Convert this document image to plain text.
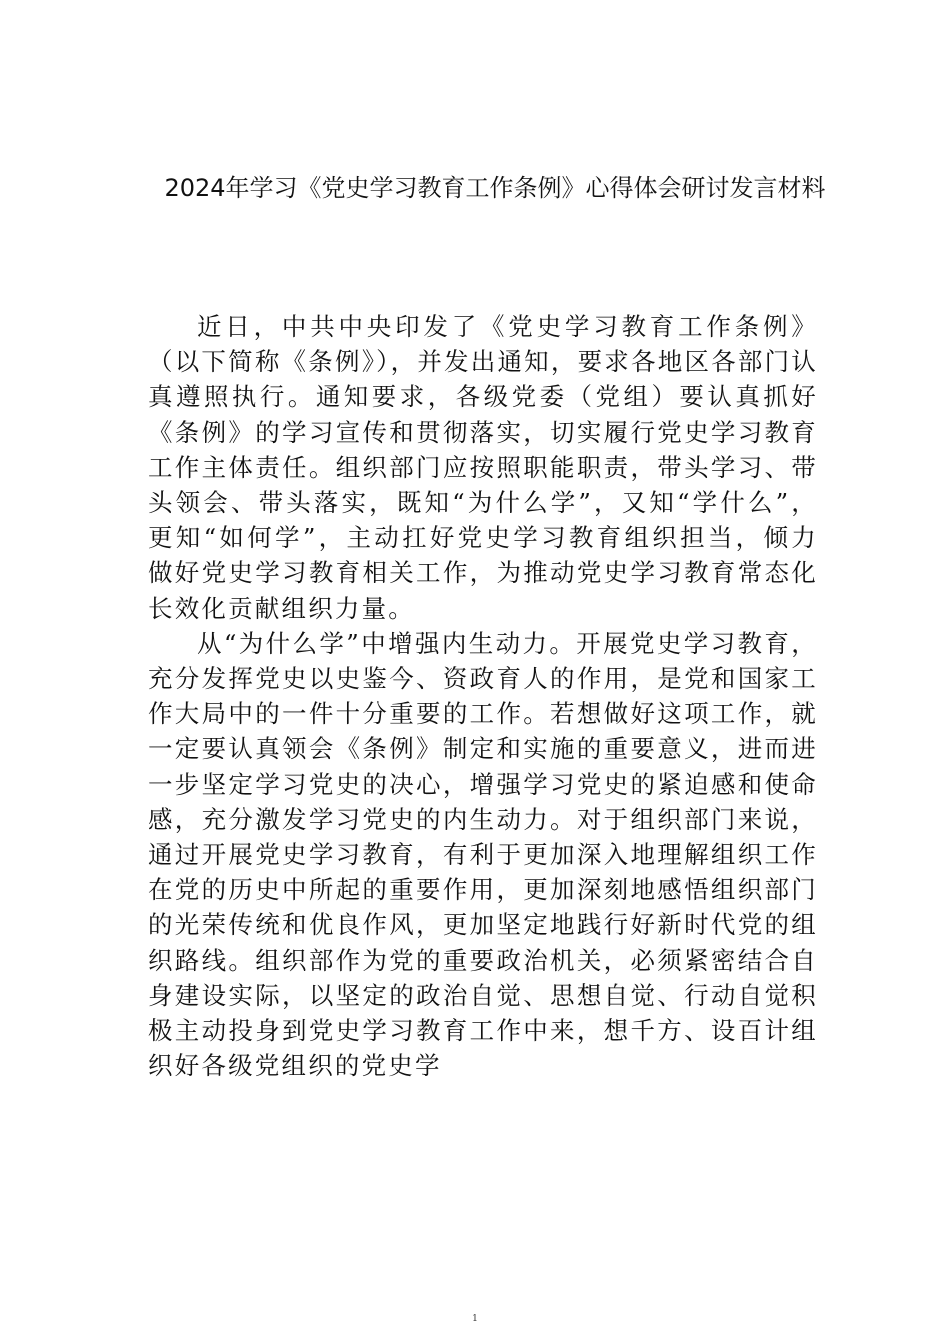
2024年学习《党史学习教育工作条例》心得体会研讨发言材料

近日，中共中央印发了《党史学习教育工作条例》（以下简称《条例》），并发出通知，要求各地区各部门认真遵照执行。通知要求，各级党委（党组）要认真抓好《条例》的学习宣传和贯彻落实，切实履行党史学习教育工作主体责任。组织部门应按照职能职责，带头学习、带头领会、带头落实，既知“为什么学”，又知“学什么”，更知“如何学”，主动扛好党史学习教育组织担当，倾力做好党史学习教育相关工作，为推动党史学习教育常态化长效化贡献组织力量。

从“为什么学”中增强内生动力。开展党史学习教育，充分发挥党史以史鉴今、资政育人的作用，是党和国家工作大局中的一件十分重要的工作。若想做好这项工作，就一定要认真领会《条例》制定和实施的重要意义，进而进一步坚定学习党史的决心，增强学习党史的紧迫感和使命感，充分激发学习党史的内生动力。对于组织部门来说，通过开展党史学习教育，有利于更加深入地理解组织工作在党的历史中所起的重要作用，更加深刻地感悟组织部门的光荣传统和优良作风，更加坚定地践行好新时代党的组织路线。组织部作为党的重要政治机关，必须紧密结合自身建设实际，以坚定的政治自觉、思想自觉、行动自觉积极主动投身到党史学习教育工作中来，想千方、设百计组织好各级党组织的党史学

1
